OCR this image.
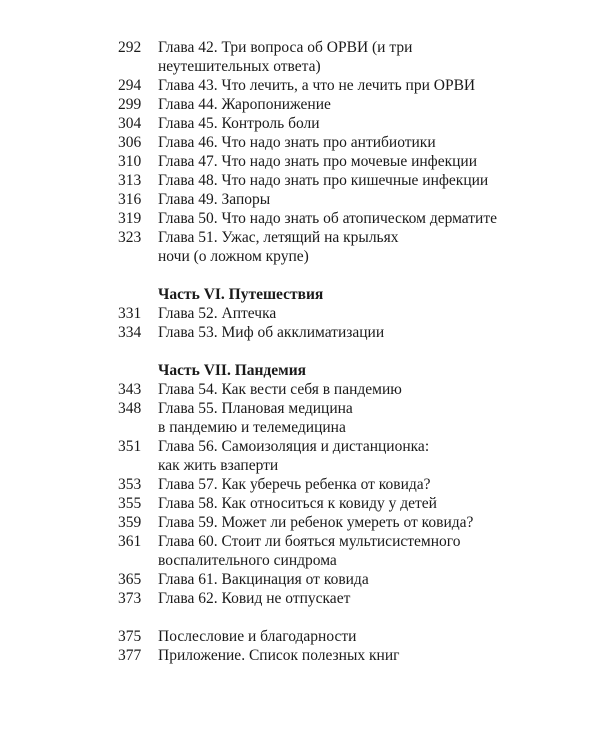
292	Глава 42. Три вопроса об ОРВИ (и три
неутешительных ответа)
294	Глава 43. Что лечить, а что не лечить при ОРВИ
299	Глава 44. Жаропонижение
304	Глава 45. Контроль боли
306	Глава 46. Что надо знать про антибиотики
310	Глава 47. Что надо знать про мочевые инфекции
313	Глава 48. Что надо знать про кишечные инфекции
316	Глава 49. Запоры
319	Глава 50. Что надо знать об атопическом дерматите
323	Глава 51. Ужас, летящий на крыльях
ночи (о ложном крупе)
Часть VI. Путешествия
331	Глава 52. Аптечка
334	Глава 53. Миф об акклиматизации
Часть VII. Пандемия
343	Глава 54. Как вести себя в пандемию
348	Глава 55. Плановая медицина
в пандемию и телемедицина
351	Глава 56. Самоизоляция и дистанционка:
как жить взаперти
353	Глава 57. Как уберечь ребенка от ковида?
355	Глава 58. Как относиться к ковиду у детей
359	Глава 59. Может ли ребенок умереть от ковида?
361	Глава 60. Стоит ли бояться мультисистемного
воспалительного синдрома
365	Глава 61. Вакцинация от ковида
373	Глава 62. Ковид не отпускает
375	Послесловие и благодарности
377	Приложение. Список полезных книг
